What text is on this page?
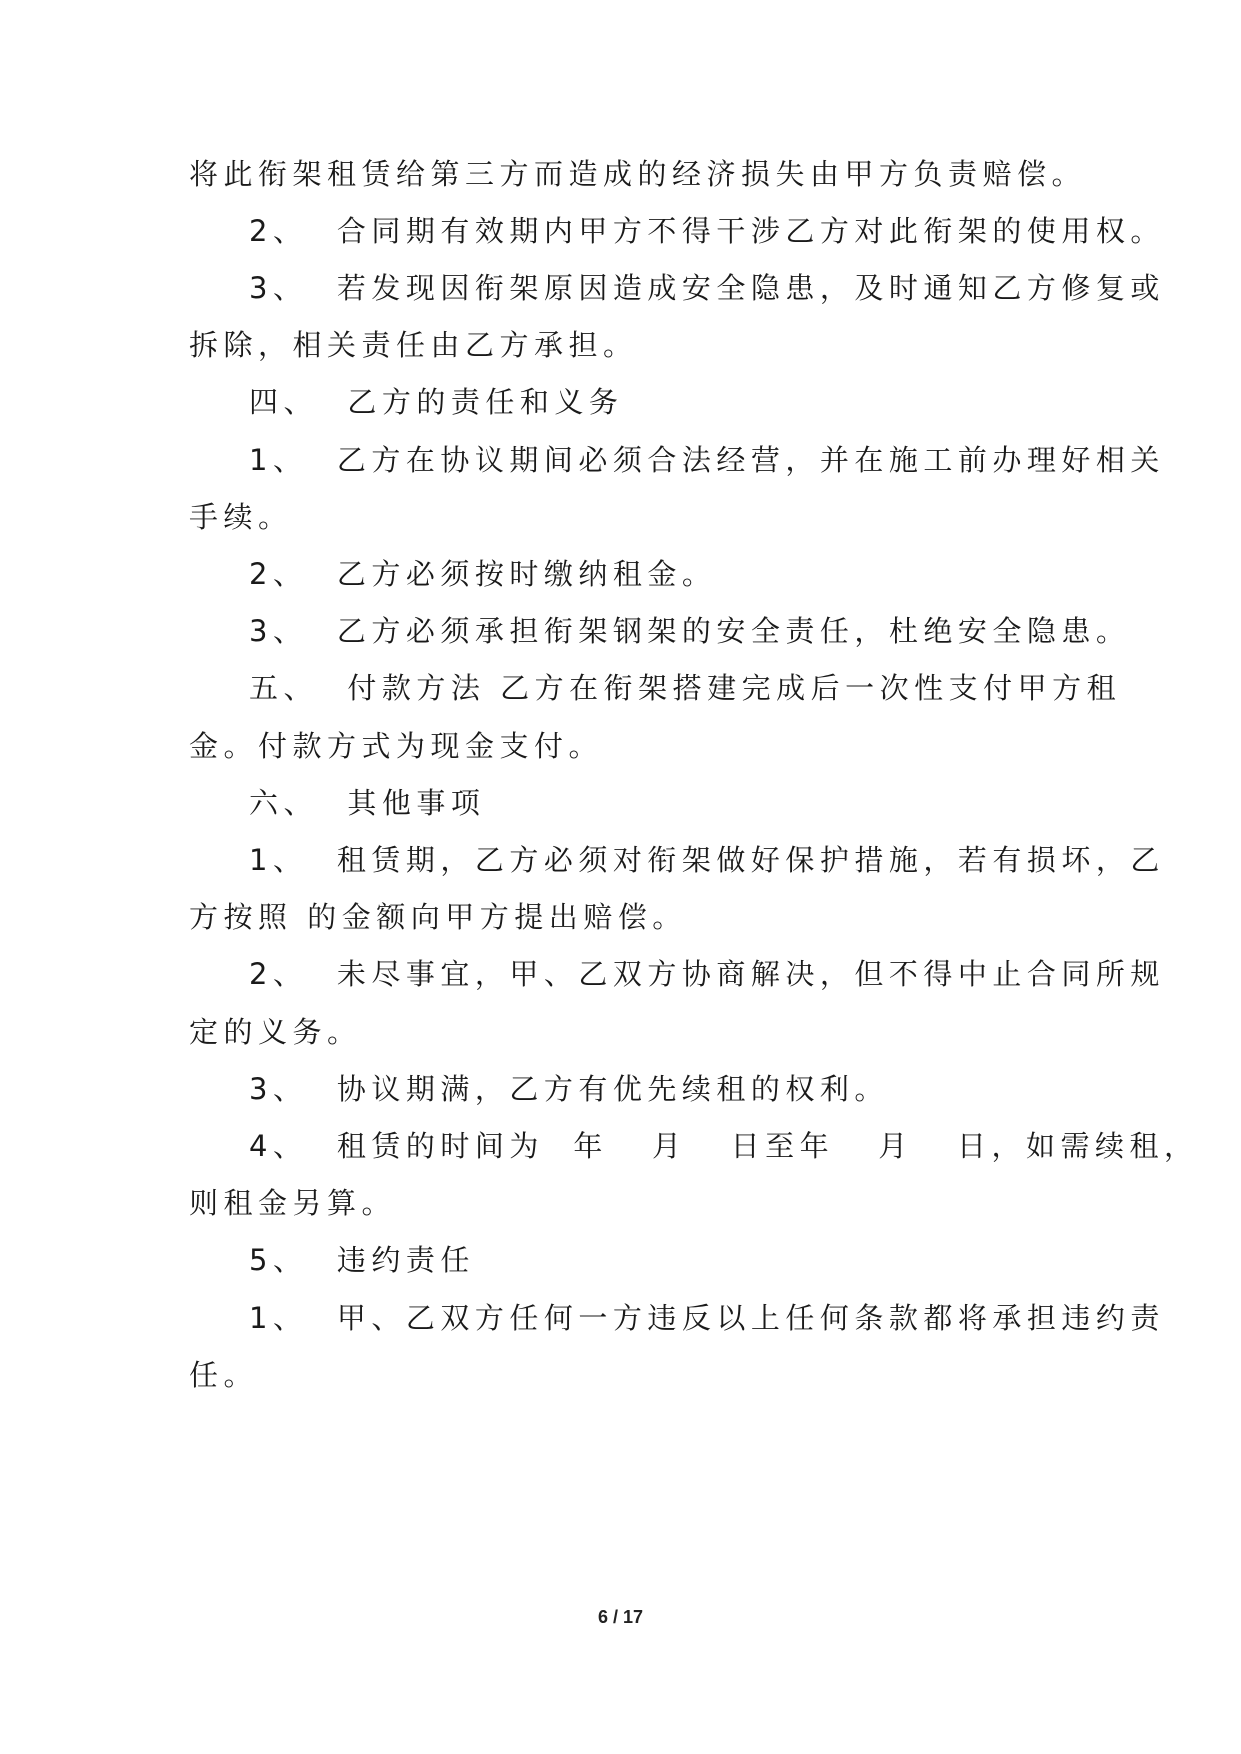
将此衔架租赁给第三方而造成的经济损失由甲方负责赔偿。
2、  合同期有效期内甲方不得干涉乙方对此衔架的使用权。
3、  若发现因衔架原因造成安全隐患，及时通知乙方修复或
拆除，相关责任由乙方承担。
四、  乙方的责任和义务
1、  乙方在协议期间必须合法经营，并在施工前办理好相关
手续。
2、  乙方必须按时缴纳租金。
3、  乙方必须承担衔架钢架的安全责任，杜绝安全隐患。
五、  付款方法 乙方在衔架搭建完成后一次性支付甲方租
金。付款方式为现金支付。
六、  其他事项
1、  租赁期，乙方必须对衔架做好保护措施，若有损坏，乙
方按照 的金额向甲方提出赔偿。
2、  未尽事宜，甲、乙双方协商解决，但不得中止合同所规
定的义务。
3、  协议期满，乙方有优先续租的权利。
4、  租赁的时间为  年   月   日至年   月   日，如需续租，
则租金另算。
5、  违约责任
1、  甲、乙双方任何一方违反以上任何条款都将承担违约责
任。
6 / 17
